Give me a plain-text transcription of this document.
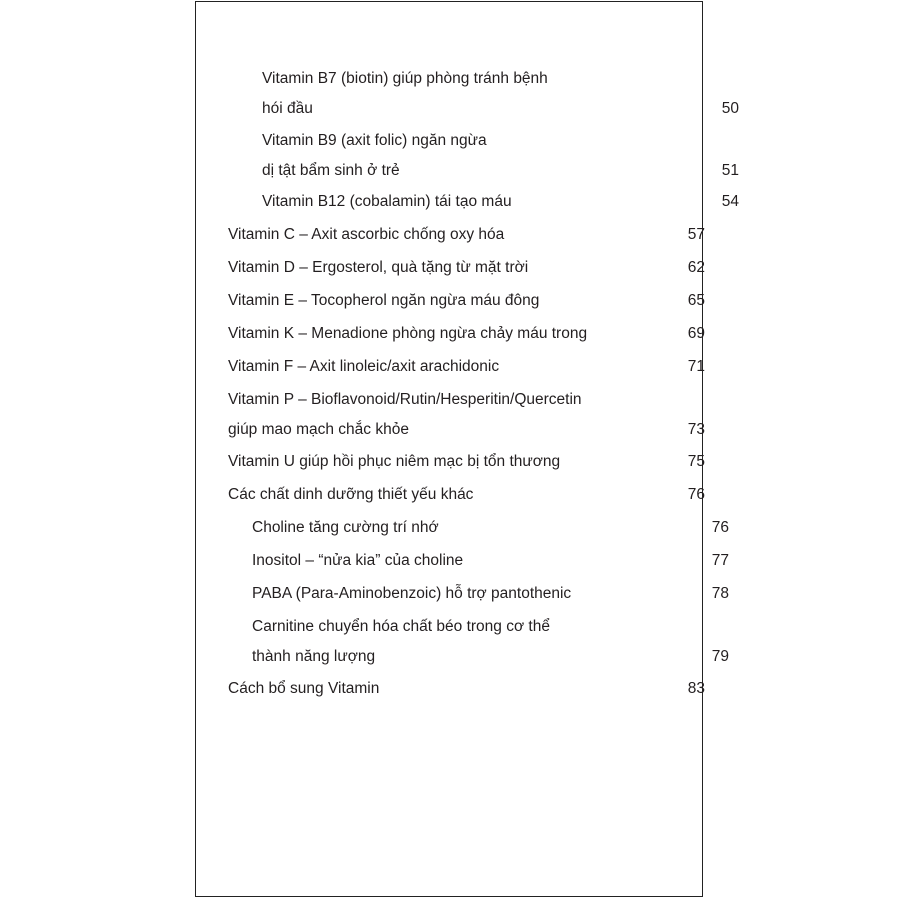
Vitamin B7 (biotin) giúp phòng tránh bệnh
hói đầu	50
Vitamin B9 (axit folic) ngăn ngừa
dị tật bẩm sinh ở trẻ	51
Vitamin B12 (cobalamin) tái tạo máu	54
Vitamin C – Axit ascorbic chống oxy hóa	57
Vitamin D – Ergosterol, quà tặng từ mặt trời	62
Vitamin E – Tocopherol ngăn ngừa máu đông	65
Vitamin K – Menadione phòng ngừa chảy máu trong	69
Vitamin F – Axit linoleic/axit arachidonic	71
Vitamin P – Bioflavonoid/Rutin/Hesperitin/Quercetin
giúp mao mạch chắc khỏe	73
Vitamin U giúp hồi phục niêm mạc bị tổn thương	75
Các chất dinh dưỡng thiết yếu khác	76
Choline tăng cường trí nhớ	76
Inositol – “nửa kia” của choline	77
PABA (Para-Aminobenzoic) hỗ trợ pantothenic	78
Carnitine chuyển hóa chất béo trong cơ thể
thành năng lượng	79
Cách bổ sung Vitamin	83
